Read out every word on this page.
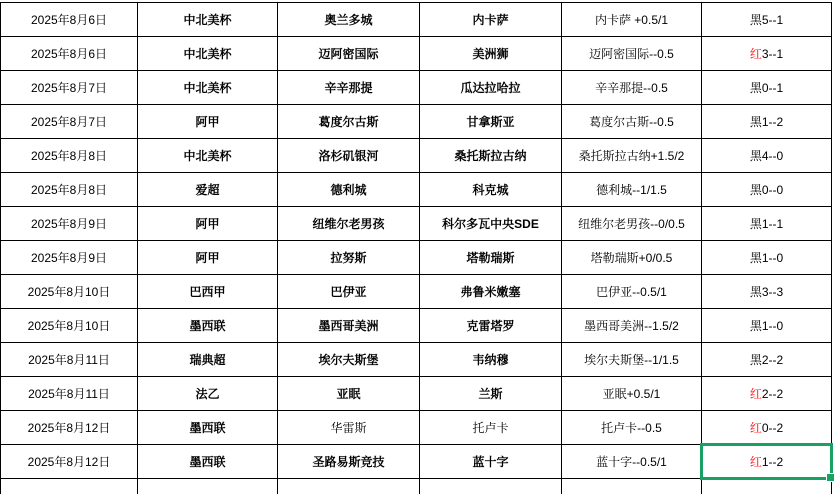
2025年8月6日	中北美杯	奥兰多城	内卡萨	内卡萨 +0.5/1	黑5--1
2025年8月6日	中北美杯	迈阿密国际	美洲狮	迈阿密国际--0.5	红3--1
2025年8月7日	中北美杯	辛辛那提	瓜达拉哈拉	辛辛那提--0.5	黑0--1
2025年8月7日	阿甲	葛度尔古斯	甘拿斯亚	葛度尔古斯--0.5	黑1--2
2025年8月8日	中北美杯	洛杉矶银河	桑托斯拉古纳	桑托斯拉古纳+1.5/2	黑4--0
2025年8月8日	爱超	德利城	科克城	德利城--1/1.5	黑0--0
2025年8月9日	阿甲	纽维尔老男孩	科尔多瓦中央SDE	纽维尔老男孩--0/0.5	黑1--1
2025年8月9日	阿甲	拉努斯	塔勒瑞斯	塔勒瑞斯+0/0.5	黑1--0
2025年8月10日	巴西甲	巴伊亚	弗鲁米嫩塞	巴伊亚--0.5/1	黑3--3
2025年8月10日	墨西联	墨西哥美洲	克雷塔罗	墨西哥美洲--1.5/2	黑1--0
2025年8月11日	瑞典超	埃尔夫斯堡	韦纳穆	埃尔夫斯堡--1/1.5	黑2--2
2025年8月11日	法乙	亚眠	兰斯	亚眠+0.5/1	红2--2
2025年8月12日	墨西联	华雷斯	托卢卡	托卢卡--0.5	红0--2
2025年8月12日	墨西联	圣路易斯竞技	蓝十字	蓝十字--0.5/1	红1--2
